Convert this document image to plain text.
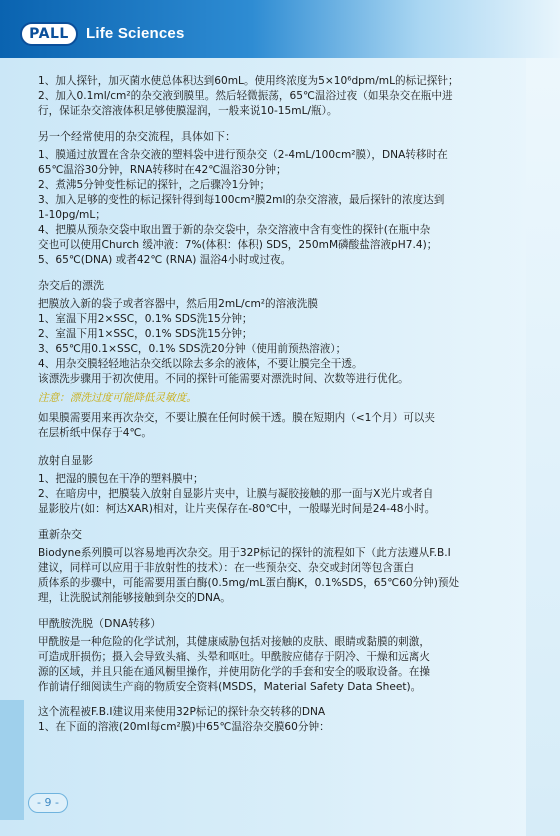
PALL	Life Sciences

1、加人探针，加灭菌水使总体积达到60mL。使用终浓度为5×10⁶dpm/mL的标记探针；

2、加入0.1ml/cm²的杂交液到膜里。然后轻微振荡，65℃温浴过夜（如果杂交在瓶中进

行，保证杂交溶液体积足够使膜湿润，一般来说10-15mL/瓶）。

另一个经常使用的杂交流程，具体如下：

1、膜通过放置在含杂交液的塑料袋中进行预杂交（2-4mL/100cm²膜），DNA转移时在

65℃温浴30分钟，RNA转移时在42℃温浴30分钟；

2、煮沸5分钟变性标记的探针，之后骤冷1分钟；

3、加入足够的变性的标记探针得到每100cm²膜2ml的杂交溶液，最后探针的浓度达到

1-10pg/mL；

4、把膜从预杂交袋中取出置于新的杂交袋中，杂交溶液中含有变性的探针(在瓶中杂

交也可以使用Church 缓冲液：7%(体积：体积) SDS，250mM磷酸盐溶液pH7.4)；

5、65℃(DNA) 或者42℃ (RNA) 温浴4小时或过夜。

杂交后的漂洗

把膜放入新的袋子或者容器中，然后用2mL/cm²的溶液洗膜

1、室温下用2×SSC，0.1% SDS洗15分钟；

2、室温下用1×SSC，0.1% SDS洗15分钟；

3、65℃用0.1×SSC，0.1% SDS洗20分钟（使用前预热溶液）；

4、用杂交膜轻轻地沾杂交纸以除去多余的液体，不要让膜完全干透。

该漂洗步骤用于初次使用。不同的探针可能需要对漂洗时间、次数等进行优化。

注意：漂洗过度可能降低灵敏度。

如果膜需要用来再次杂交，不要让膜在任何时候干透。膜在短期内（<1个月）可以夹

在层析纸中保存于4℃。

放射自显影

1、把湿的膜包在干净的塑料膜中；

2、在暗房中，把膜装入放射自显影片夹中，让膜与凝胶接触的那一面与X光片或者自

显影胶片(如：柯达XAR)相对，让片夹保存在-80℃中，一般曝光时间是24-48小时。

重新杂交

Biodyne系列膜可以容易地再次杂交。用于32P标记的探针的流程如下（此方法遵从F.B.I

建议，同样可以应用于非放射性的技术）：在一些预杂交、杂交或封闭等包含蛋白

质体系的步骤中，可能需要用蛋白酶(0.5mg/mL蛋白酶K，0.1%SDS，65℃60分钟)预处

理，让洗脱试剂能够接触到杂交的DNA。

甲酰胺洗脱（DNA转移）

甲酰胺是一种危险的化学试剂，其健康威胁包括对接触的皮肤、眼睛或黏膜的刺激，

可造成肝损伤；摄入会导致头痛、头晕和呕吐。甲酰胺应储存于阴冷、干燥和远离火

源的区域，并且只能在通风橱里操作，并使用防化学的手套和安全的吸取设备。在操

作前请仔细阅读生产商的物质安全资料(MSDS，Material Safety Data Sheet)。

这个流程被F.B.I建议用来使用32P标记的探针杂交转移的DNA

1、在下面的溶液(20ml每cm²膜)中65℃温浴杂交膜60分钟：

- 9 -
